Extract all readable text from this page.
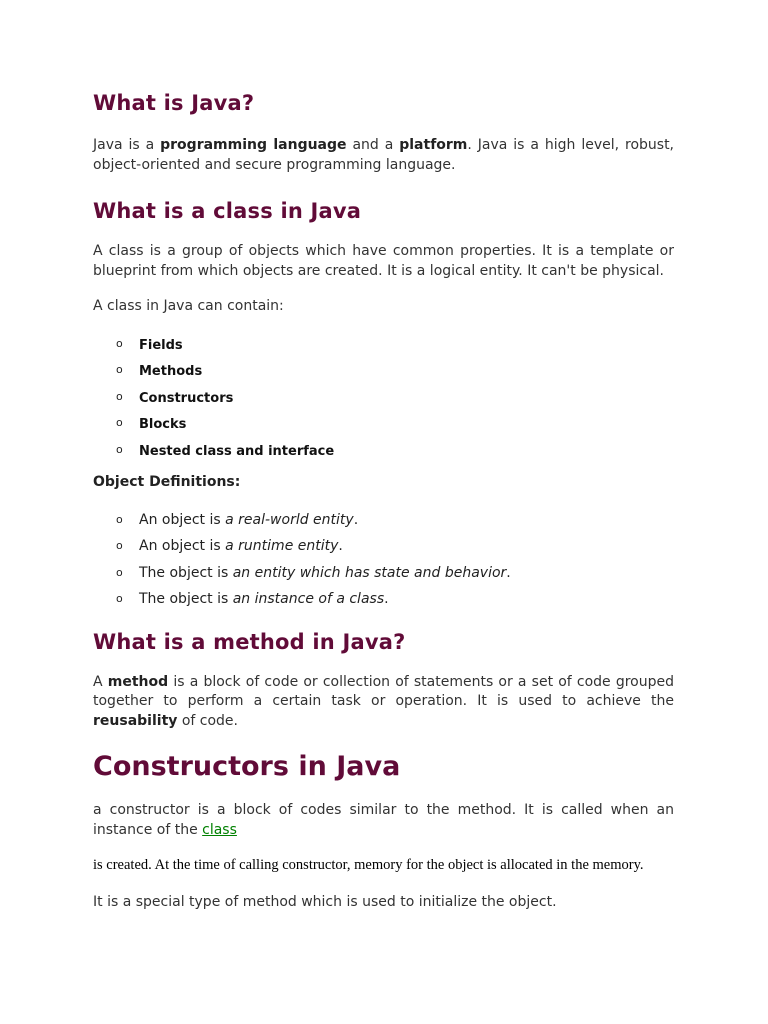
What is Java?

Java is a programming language and a platform. Java is a high level, robust, object-oriented and secure programming language.

What is a class in Java

A class is a group of objects which have common properties. It is a template or blueprint from which objects are created. It is a logical entity. It can't be physical.

A class in Java can contain:

o Fields
o Methods
o Constructors
o Blocks
o Nested class and interface

Object Definitions:

o An object is a real-world entity.
o An object is a runtime entity.
o The object is an entity which has state and behavior.
o The object is an instance of a class.
What is a method in Java?

A method is a block of code or collection of statements or a set of code grouped together to perform a certain task or operation. It is used to achieve the reusability of code.

Constructors in Java

a constructor is a block of codes similar to the method. It is called when an instance of the class

is created. At the time of calling constructor, memory for the object is allocated in the memory.

It is a special type of method which is used to initialize the object.
